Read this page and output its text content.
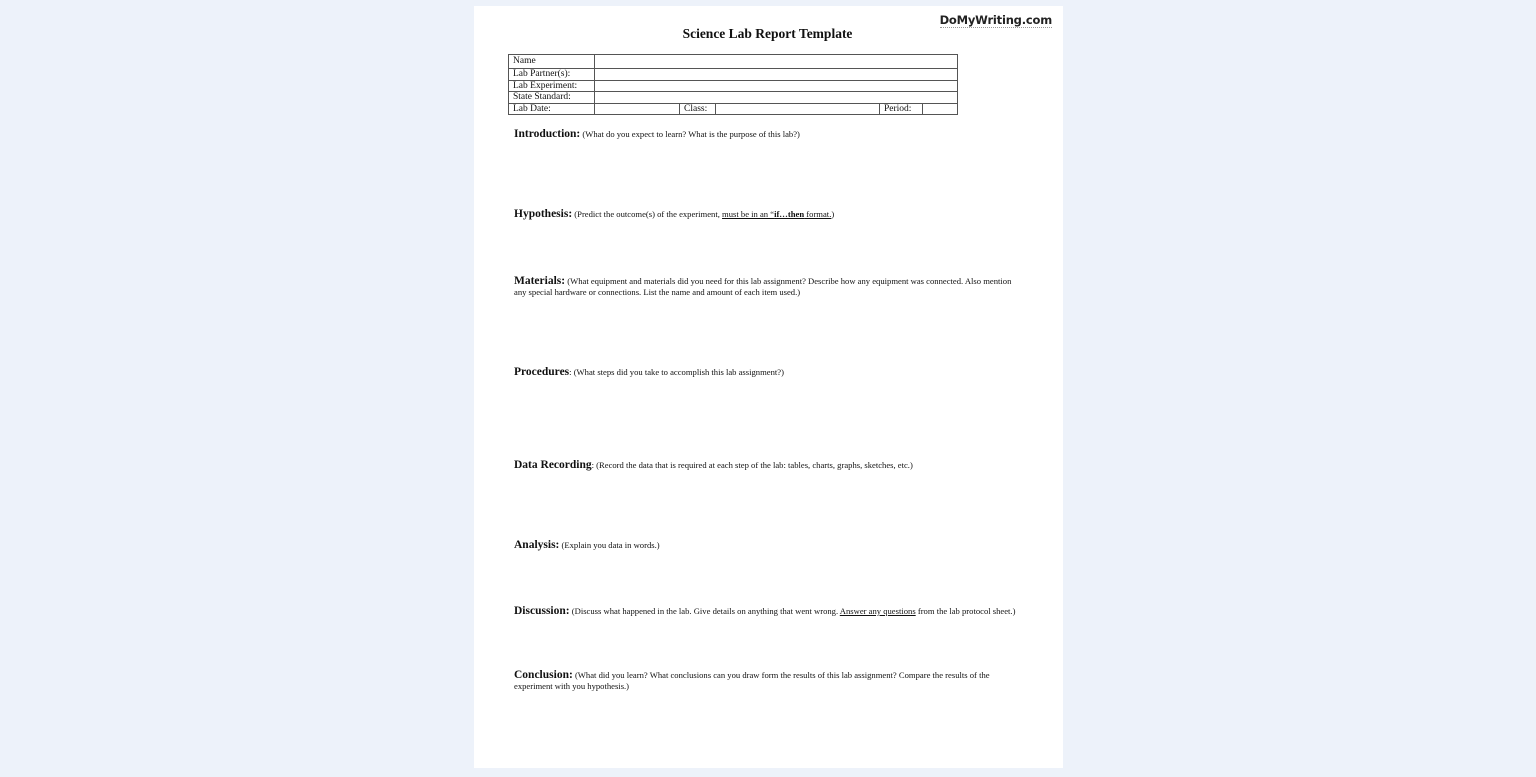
DoMyWriting.com
Science Lab Report Template
Name					
Lab Partner(s):					
Lab Experiment:					
State Standard:					
Lab Date:		Class:		Period:	
Introduction: (What do you expect to learn? What is the purpose of this lab?)
Hypothesis: (Predict the outcome(s) of the experiment, must be in an “if…then format.)
Materials: (What equipment and materials did you need for this lab assignment? Describe how any equipment was connected. Also mention any special hardware or connections. List the name and amount of each item used.)
Procedures: (What steps did you take to accomplish this lab assignment?)
Data Recording: (Record the data that is required at each step of the lab: tables, charts, graphs, sketches, etc.)
Analysis: (Explain you data in words.)
Discussion: (Discuss what happened in the lab. Give details on anything that went wrong. Answer any questions from the lab protocol sheet.)
Conclusion: (What did you learn? What conclusions can you draw form the results of this lab assignment? Compare the results of the experiment with you hypothesis.)
